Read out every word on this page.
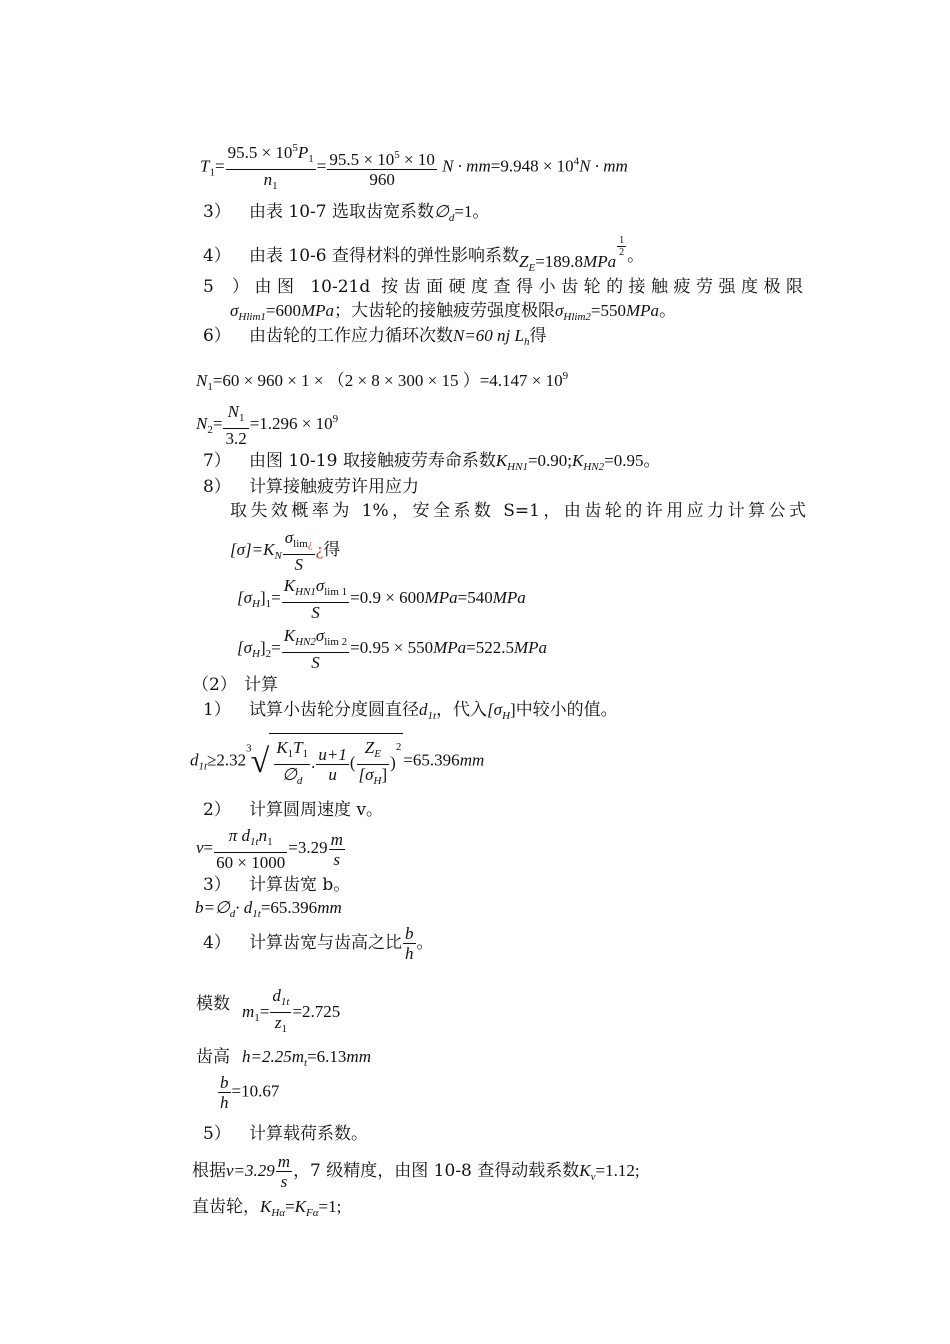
$T_1= \frac{95.5 \times 10^5P_1}{n_1} = \frac{95.5 \times 10^5 \times 10}{960}$ $N \cdot mm=9.948 \times 10^4N$ · mm
3） 由表 10-7 选取齿宽系数$\emptyset_d=1$。
4） 由表 10-6 查得材料的弹性影响系数$Z_E=189.8MPa$
$\frac{1}{2}$ 。
5）由图 10-21d 按齿面硬度查得小齿轮的接触疲劳强度极限
$\sigma_{Hlim1}=600MPa$；大齿轮的接触疲劳强度极限$\sigma_{Hlim2}=550MPa$。
6） 由齿轮的工作应力循环次数N=60 nj $L_h$得
$N_1=60 \times 960 \times 1 \times (2 \times 8 \times 300 \times 15$ ）$=4.147 \times 10^9$
$N_2= \frac{N_1}{3.2} =1.296 \times 10^9$
7） 由图 10-19 取接触疲劳寿命系数$K_{HN1}=0.90;K_{HN2}=0.95$。
8） 计算接触疲劳许用应力
取失效概率为 1%，安全系数 S=1，由齿轮的许用应力计算公式
$[\sigma]=K_N \frac{\sigma_{lim¿}}{S}$ ¿得
$[\sigma_H]_1= \frac{K_{HN1}\sigma_{lim 1}}{S} =0.9 \times 600MPa=540MPa$
$[\sigma_H]_2= \frac{K_{HN2}\sigma_{lim 2}}{S} =0.95 \times 550MPa=522.5MPa$
（2） 计算
1） 试算小齿轮分度圆直径$d_{1t}$，代入$[\sigma_H]$中较小的值。
$d_{1t}\ge 2.32^3√ \frac{K_1T_1}{\emptyset_d}$ . $\frac{u+1}{u}$ ( $\frac{Z_E}{[\sigma_H]} )^2=65.396mm$
2） 计算圆周速度 v。
$v= \frac{\pi d_{1t}n_1}{60 \times 1000} =3.29 \frac{m}{s}$
3） 计算齿宽 b。
$b=\emptyset_d\cdot d_{1t}=65.396mm$
4） 计算齿宽与齿高之比 $\frac{b}{h}$ 。
模数 $m_1= \frac{d_{1t}}{z_1} =2.725$
齿高 $h=2.25m_t=6.13mm$
$\frac{b}{h} =10.67$
5） 计算载荷系数。
根据$v=3.29 \frac{m}{s}$ ，7 级精度，由图 10-8 查得动载系数$K_v=1.12$;
直齿轮，$K_{H\alpha}=K_{F\alpha}=1$;
